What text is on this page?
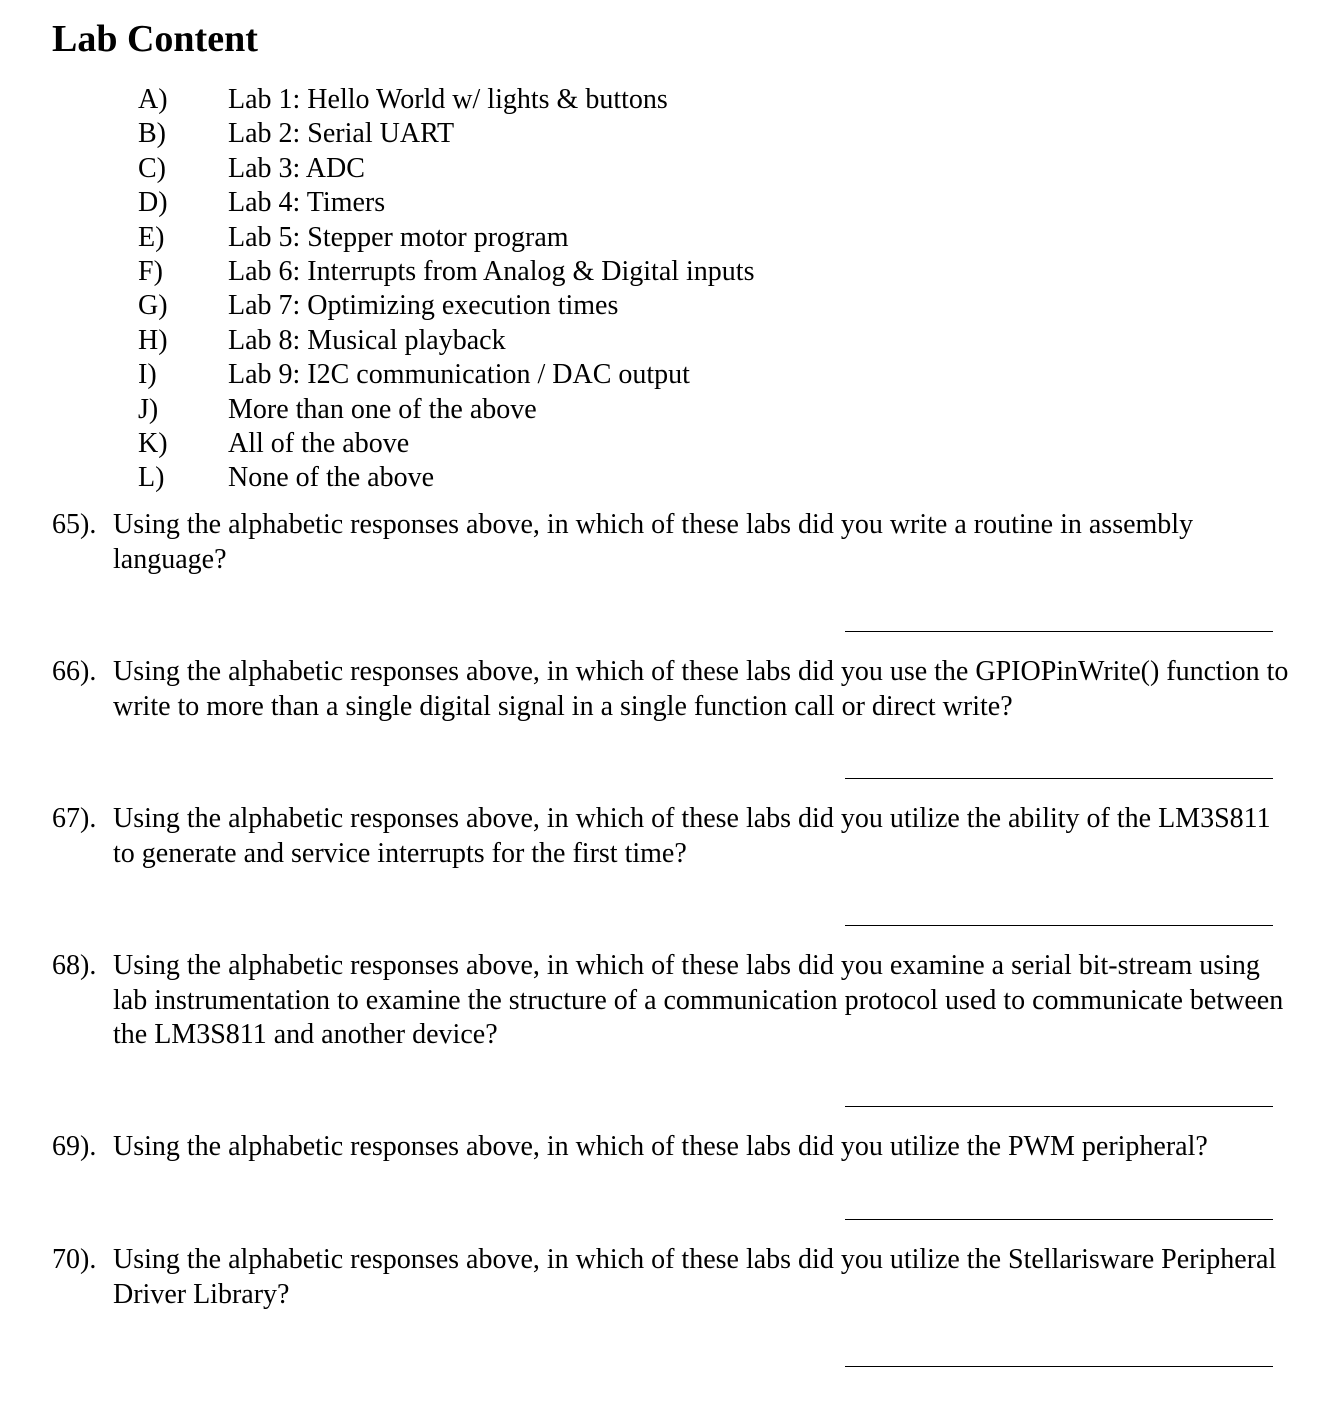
Lab Content
A)	Lab 1: Hello World w/ lights & buttons
B)	Lab 2: Serial UART
C)	Lab 3: ADC
D)	Lab 4: Timers
E)	Lab 5: Stepper motor program
F)	Lab 6: Interrupts from Analog & Digital inputs
G)	Lab 7: Optimizing execution times
H)	Lab 8: Musical playback
I)	Lab 9: I2C communication / DAC output
J)	More than one of the above
K)	All of the above
L)	None of the above
65). Using the alphabetic responses above, in which of these labs did you write a routine in assembly language?
66). Using the alphabetic responses above, in which of these labs did you use the GPIOPinWrite() function to write to more than a single digital signal in a single function call or direct write?
67). Using the alphabetic responses above, in which of these labs did you utilize the ability of the LM3S811 to generate and service interrupts for the first time?
68). Using the alphabetic responses above, in which of these labs did you examine a serial bit-stream using lab instrumentation to examine the structure of a communication protocol used to communicate between the LM3S811 and another device?
69). Using the alphabetic responses above, in which of these labs did you utilize the PWM peripheral?
70). Using the alphabetic responses above, in which of these labs did you utilize the Stellarisware Peripheral Driver Library?
